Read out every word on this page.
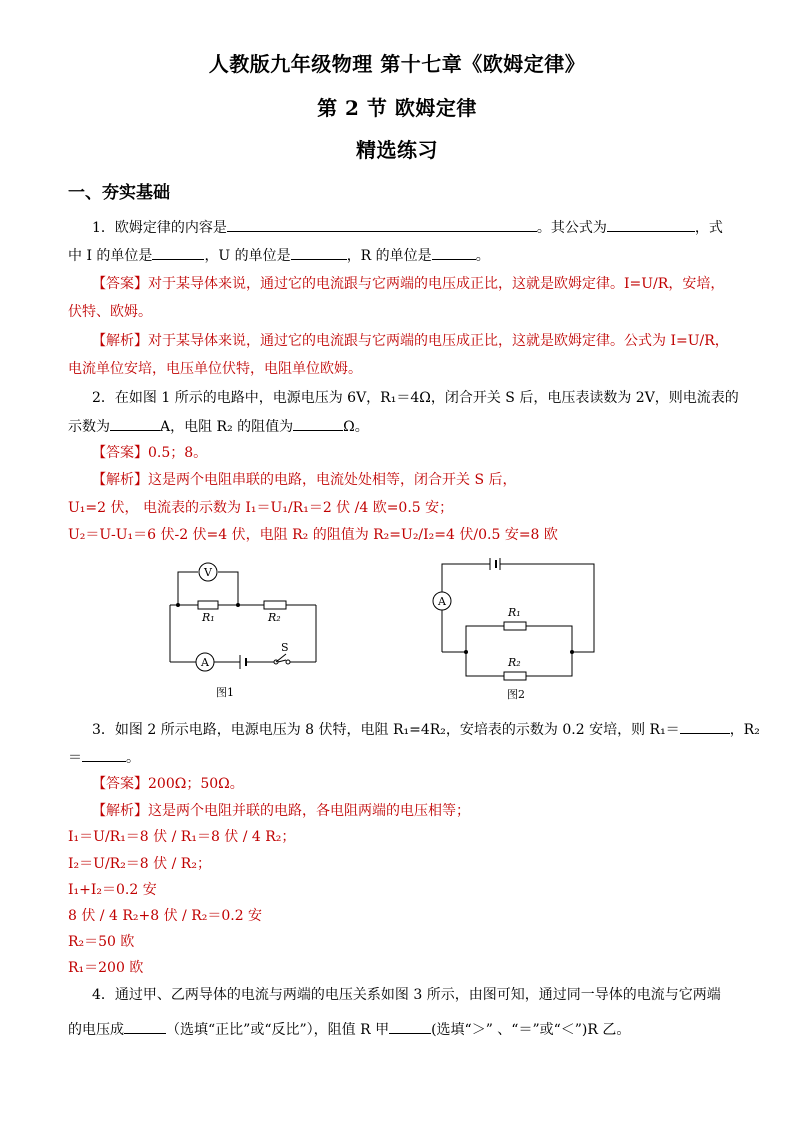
人教版九年级物理 第十七章《欧姆定律》
第 2 节 欧姆定律
精选练习
一、夯实基础
1．欧姆定律的内容是	。其公式为	，式
中 I 的单位是	，U 的单位是	，R 的单位是	。
【答案】对于某导体来说，通过它的电流跟与它两端的电压成正比，这就是欧姆定律。I=U/R，安培，
伏特、欧姆。
【解析】对于某导体来说，通过它的电流跟与它两端的电压成正比，这就是欧姆定律。公式为 I=U/R，
电流单位安培，电压单位伏特，电阻单位欧姆。
2．在如图 1 所示的电路中，电源电压为 6V，R₁＝4Ω，闭合开关 S 后，电压表读数为 2V，则电流表的
示数为	A，电阻 R₂ 的阻值为	Ω。
【答案】0.5；8。
【解析】这是两个电阻串联的电路，电流处处相等，闭合开关 S 后，
U₁=2 伏， 电流表的示数为 I₁＝U₁/R₁＝2 伏 /4 欧=0.5 安；
U₂＝U-U₁＝6 伏-2 伏=4 伏，电阻 R₂ 的阻值为 R₂=U₂/I₂=4 伏/0.5 安=8 欧
V
R₁	R₂
A
S
图1
A
R₁
R₂
图2
3．如图 2 所示电路，电源电压为 8 伏特，电阻 R₁=4R₂，安培表的示数为 0.2 安培，则 R₁＝	，R₂
＝	。
【答案】200Ω；50Ω。
【解析】这是两个电阻并联的电路，各电阻两端的电压相等；
I₁＝U/R₁＝8 伏 / R₁＝8 伏 / 4 R₂；
I₂＝U/R₂＝8 伏 / R₂；
I₁+I₂＝0.2 安
8 伏 / 4 R₂+8 伏 / R₂＝0.2 安
R₂＝50 欧
R₁＝200 欧
4．通过甲、乙两导体的电流与两端的电压关系如图 3 所示，由图可知，通过同一导体的电流与它两端
的电压成	（选填“正比”或“反比”），阻值 R 甲	(选填“＞” 、“＝”或“＜”)R 乙。
